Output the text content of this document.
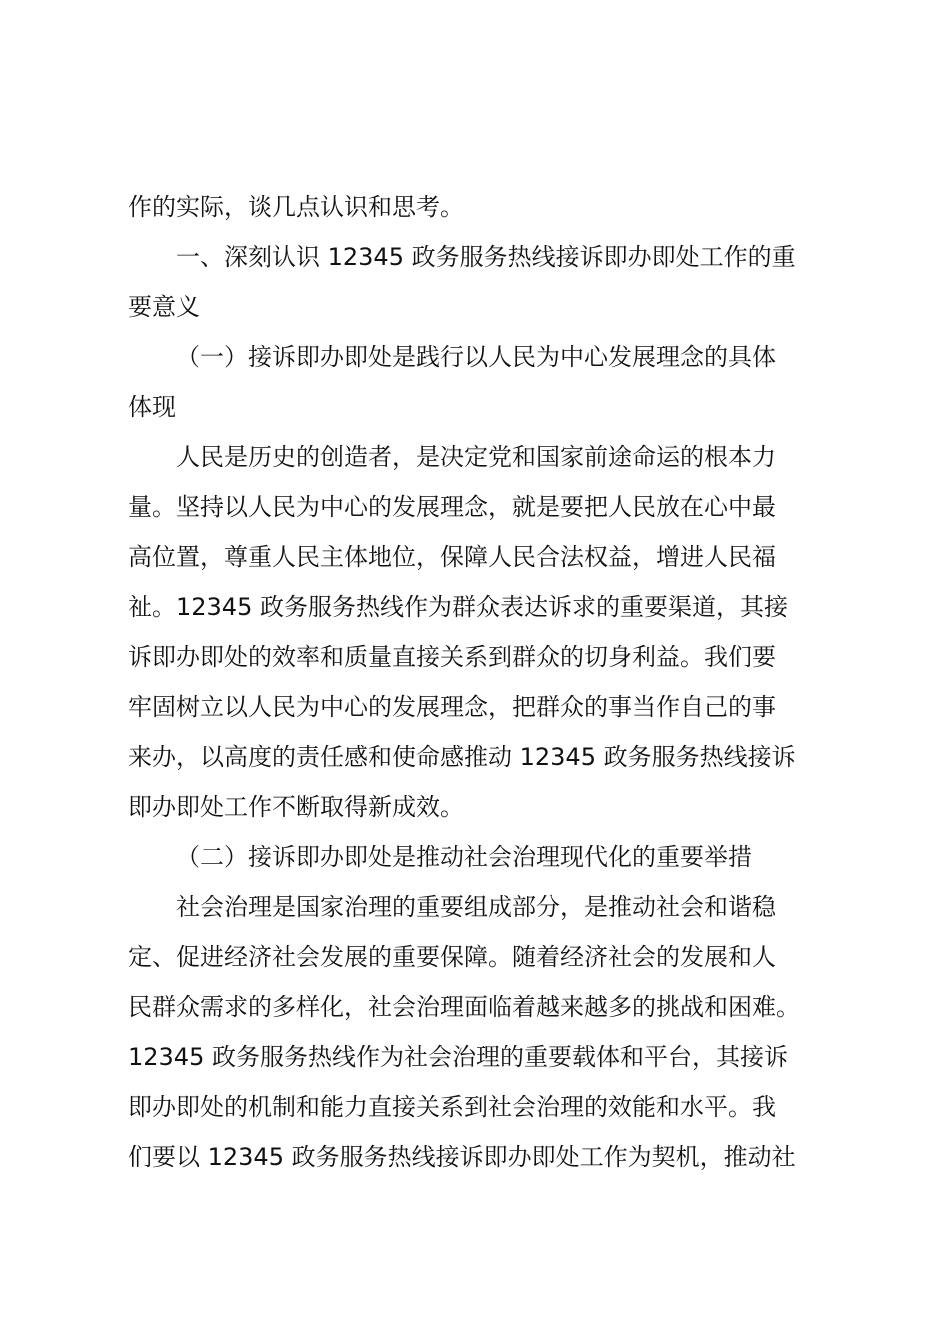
作的实际，谈几点认识和思考。
一、深刻认识 12345 政务服务热线接诉即办即处工作的重
要意义
（一）接诉即办即处是践行以人民为中心发展理念的具体
体现
人民是历史的创造者，是决定党和国家前途命运的根本力
量。坚持以人民为中心的发展理念，就是要把人民放在心中最
高位置，尊重人民主体地位，保障人民合法权益，增进人民福
祉。12345 政务服务热线作为群众表达诉求的重要渠道，其接
诉即办即处的效率和质量直接关系到群众的切身利益。我们要
牢固树立以人民为中心的发展理念，把群众的事当作自己的事
来办，以高度的责任感和使命感推动 12345 政务服务热线接诉
即办即处工作不断取得新成效。
（二）接诉即办即处是推动社会治理现代化的重要举措
社会治理是国家治理的重要组成部分，是推动社会和谐稳
定、促进经济社会发展的重要保障。随着经济社会的发展和人
民群众需求的多样化，社会治理面临着越来越多的挑战和困难。
12345 政务服务热线作为社会治理的重要载体和平台，其接诉
即办即处的机制和能力直接关系到社会治理的效能和水平。我
们要以 12345 政务服务热线接诉即办即处工作为契机，推动社
